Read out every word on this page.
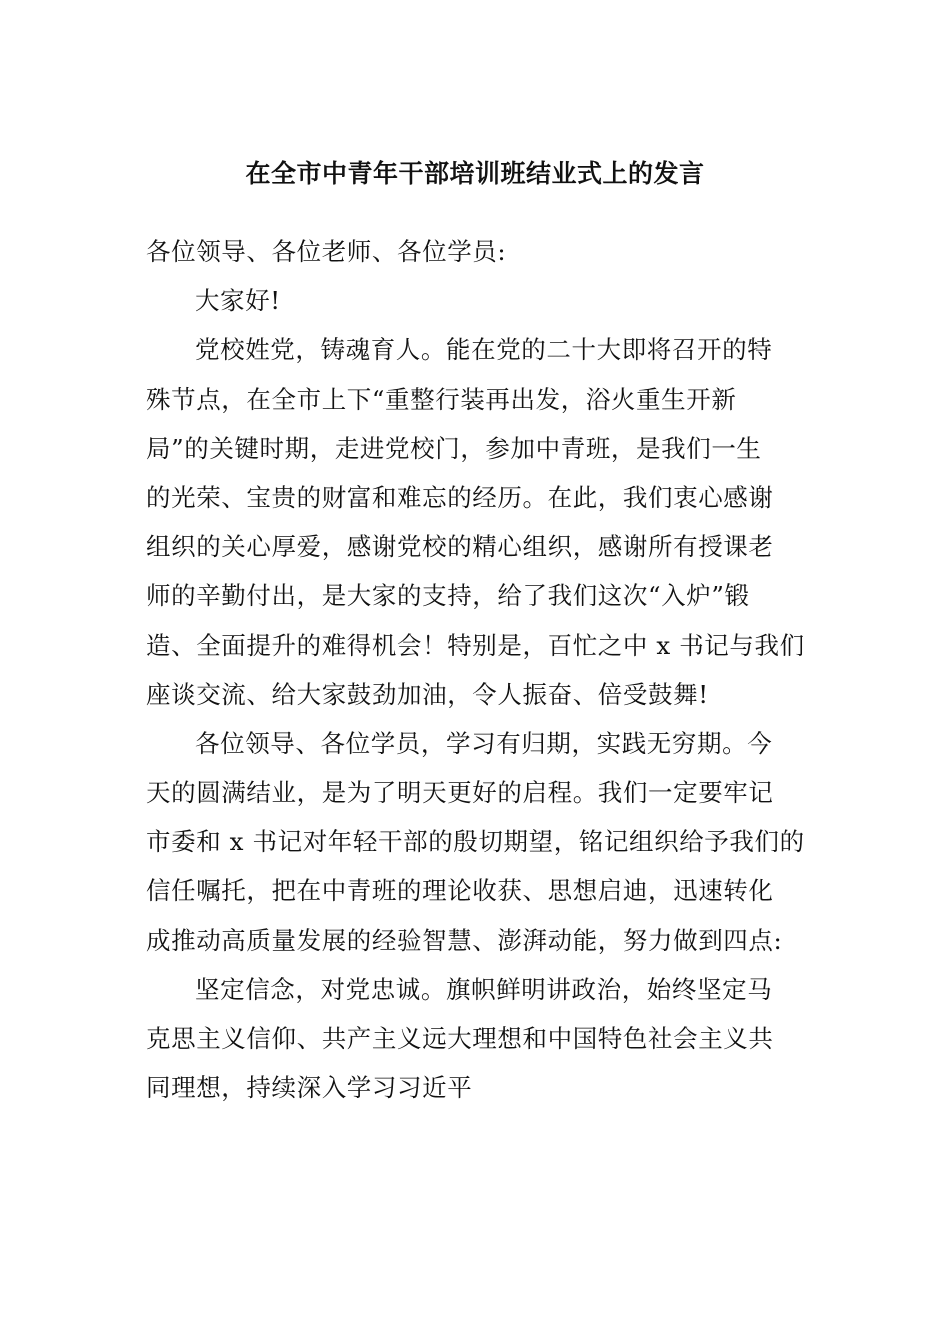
在全市中青年干部培训班结业式上的发言
各位领导、各位老师、各位学员:
大家好!
党校姓党，铸魂育人。能在党的二十大即将召开的特
殊节点，在全市上下“重整行装再出发，浴火重生开新
局”的关键时期，走进党校门，参加中青班，是我们一生
的光荣、宝贵的财富和难忘的经历。在此，我们衷心感谢
组织的关心厚爱，感谢党校的精心组织，感谢所有授课老
师的辛勤付出，是大家的支持，给了我们这次“入炉”锻
造、全面提升的难得机会！特别是，百忙之中 x 书记与我们
座谈交流、给大家鼓劲加油，令人振奋、倍受鼓舞!
各位领导、各位学员，学习有归期，实践无穷期。今
天的圆满结业，是为了明天更好的启程。我们一定要牢记
市委和 x 书记对年轻干部的殷切期望，铭记组织给予我们的
信任嘱托，把在中青班的理论收获、思想启迪，迅速转化
成推动高质量发展的经验智慧、澎湃动能，努力做到四点:
坚定信念，对党忠诚。旗帜鲜明讲政治，始终坚定马
克思主义信仰、共产主义远大理想和中国特色社会主义共
同理想，持续深入学习习近平
